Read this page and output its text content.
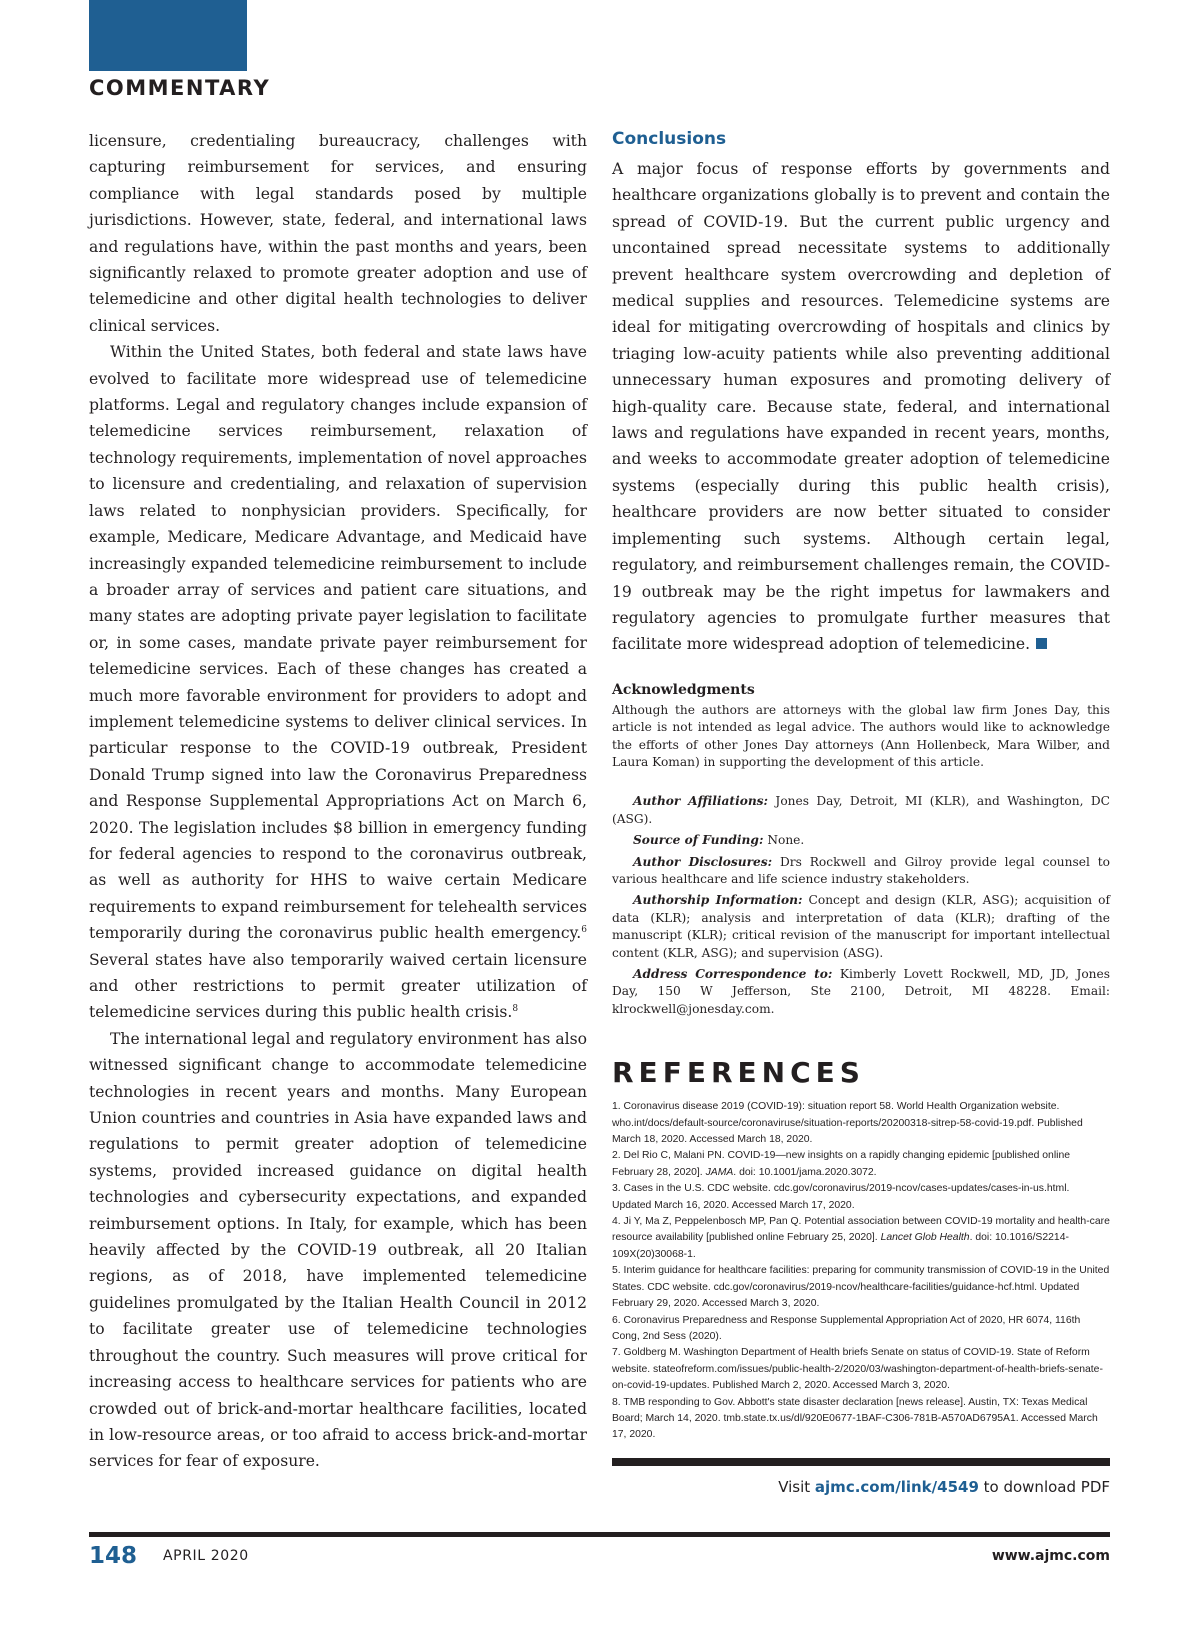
COMMENTARY

licensure, credentialing bureaucracy, challenges with capturing reimbursement for services, and ensuring compliance with legal standards posed by multiple jurisdictions. However, state, federal, and international laws and regulations have, within the past months and years, been significantly relaxed to promote greater adoption and use of telemedicine and other digital health technologies to deliver clinical services.

Within the United States, both federal and state laws have evolved to facilitate more widespread use of telemedicine platforms. Legal and regulatory changes include expansion of telemedicine services reimbursement, relaxation of technology requirements, implementation of novel approaches to licensure and credentialing, and relaxation of supervision laws related to nonphysician providers. Specifically, for example, Medicare, Medicare Advantage, and Medicaid have increasingly expanded telemedicine reimbursement to include a broader array of services and patient care situations, and many states are adopting private payer legislation to facilitate or, in some cases, mandate private payer reimbursement for telemedicine services. Each of these changes has created a much more favorable environment for providers to adopt and implement telemedicine systems to deliver clinical services. In particular response to the COVID-19 outbreak, President Donald Trump signed into law the Coronavirus Preparedness and Response Supplemental Appropriations Act on March 6, 2020. The legislation includes $8 billion in emergency funding for federal agencies to respond to the coronavirus outbreak, as well as authority for HHS to waive certain Medicare requirements to expand reimbursement for telehealth services temporarily during the coronavirus public health emergency.$^6$ Several states have also temporarily waived certain licensure and other restrictions to permit greater utilization of telemedicine services during this public health crisis.$^8$

The international legal and regulatory environment has also witnessed significant change to accommodate telemedicine technologies in recent years and months. Many European Union countries and countries in Asia have expanded laws and regulations to permit greater adoption of telemedicine systems, provided increased guidance on digital health technologies and cybersecurity expectations, and expanded reimbursement options. In Italy, for example, which has been heavily affected by the COVID-19 outbreak, all 20 Italian regions, as of 2018, have implemented telemedicine guidelines promulgated by the Italian Health Council in 2012 to facilitate greater use of telemedicine technologies throughout the country. Such measures will prove critical for increasing access to healthcare services for patients who are crowded out of brick-and-mortar healthcare facilities, located in low-resource areas, or too afraid to access brick-and-mortar services for fear of exposure.

Conclusions

A major focus of response efforts by governments and healthcare organizations globally is to prevent and contain the spread of COVID-19. But the current public urgency and uncontained spread necessitate systems to additionally prevent healthcare system overcrowding and depletion of medical supplies and resources. Telemedicine systems are ideal for mitigating overcrowding of hospitals and clinics by triaging low-acuity patients while also preventing additional unnecessary human exposures and promoting delivery of high-quality care. Because state, federal, and international laws and regulations have expanded in recent years, months, and weeks to accommodate greater adoption of telemedicine systems (especially during this public health crisis), healthcare providers are now better situated to consider implementing such systems. Although certain legal, regulatory, and reimbursement challenges remain, the COVID-19 outbreak may be the right impetus for lawmakers and regulatory agencies to promulgate further measures that facilitate more widespread adoption of telemedicine.

Acknowledgments

Although the authors are attorneys with the global law firm Jones Day, this article is not intended as legal advice. The authors would like to acknowledge the efforts of other Jones Day attorneys (Ann Hollenbeck, Mara Wilber, and Laura Koman) in supporting the development of this article.

Author Affiliations: Jones Day, Detroit, MI (KLR), and Washington, DC (ASG).

Source of Funding: None.

Author Disclosures: Drs Rockwell and Gilroy provide legal counsel to various healthcare and life science industry stakeholders.

Authorship Information: Concept and design (KLR, ASG); acquisition of data (KLR); analysis and interpretation of data (KLR); drafting of the manuscript (KLR); critical revision of the manuscript for important intellectual content (KLR, ASG); and supervision (ASG).

Address Correspondence to: Kimberly Lovett Rockwell, MD, JD, Jones Day, 150 W Jefferson, Ste 2100, Detroit, MI 48228. Email: klrockwell@jonesday.com.

REFERENCES

1. Coronavirus disease 2019 (COVID-19): situation report 58. World Health Organization website. who.int/docs/default-source/coronaviruse/situation-reports/20200318-sitrep-58-covid-19.pdf. Published March 18, 2020. Accessed March 18, 2020.

2. Del Rio C, Malani PN. COVID-19—new insights on a rapidly changing epidemic [published online February 28, 2020]. JAMA. doi: 10.1001/jama.2020.3072.

3. Cases in the U.S. CDC website. cdc.gov/coronavirus/2019-ncov/cases-updates/cases-in-us.html. Updated March 16, 2020. Accessed March 17, 2020.

4. Ji Y, Ma Z, Peppelenbosch MP, Pan Q. Potential association between COVID-19 mortality and health-care resource availability [published online February 25, 2020]. Lancet Glob Health. doi: 10.1016/S2214-109X(20)30068-1.

5. Interim guidance for healthcare facilities: preparing for community transmission of COVID-19 in the United States. CDC website. cdc.gov/coronavirus/2019-ncov/healthcare-facilities/guidance-hcf.html. Updated February 29, 2020. Accessed March 3, 2020.

6. Coronavirus Preparedness and Response Supplemental Appropriation Act of 2020, HR 6074, 116th Cong, 2nd Sess (2020).

7. Goldberg M. Washington Department of Health briefs Senate on status of COVID-19. State of Reform website. stateofreform.com/issues/public-health-2/2020/03/washington-department-of-health-briefs-senate-on-covid-19-updates. Published March 2, 2020. Accessed March 3, 2020.

8. TMB responding to Gov. Abbott's state disaster declaration [news release]. Austin, TX: Texas Medical Board; March 14, 2020. tmb.state.tx.us/dl/920E0677-1BAF-C306-781B-A570AD6795A1. Accessed March 17, 2020.

Visit ajmc.com/link/4549 to download PDF
148 APRIL 2020	www.ajmc.com
